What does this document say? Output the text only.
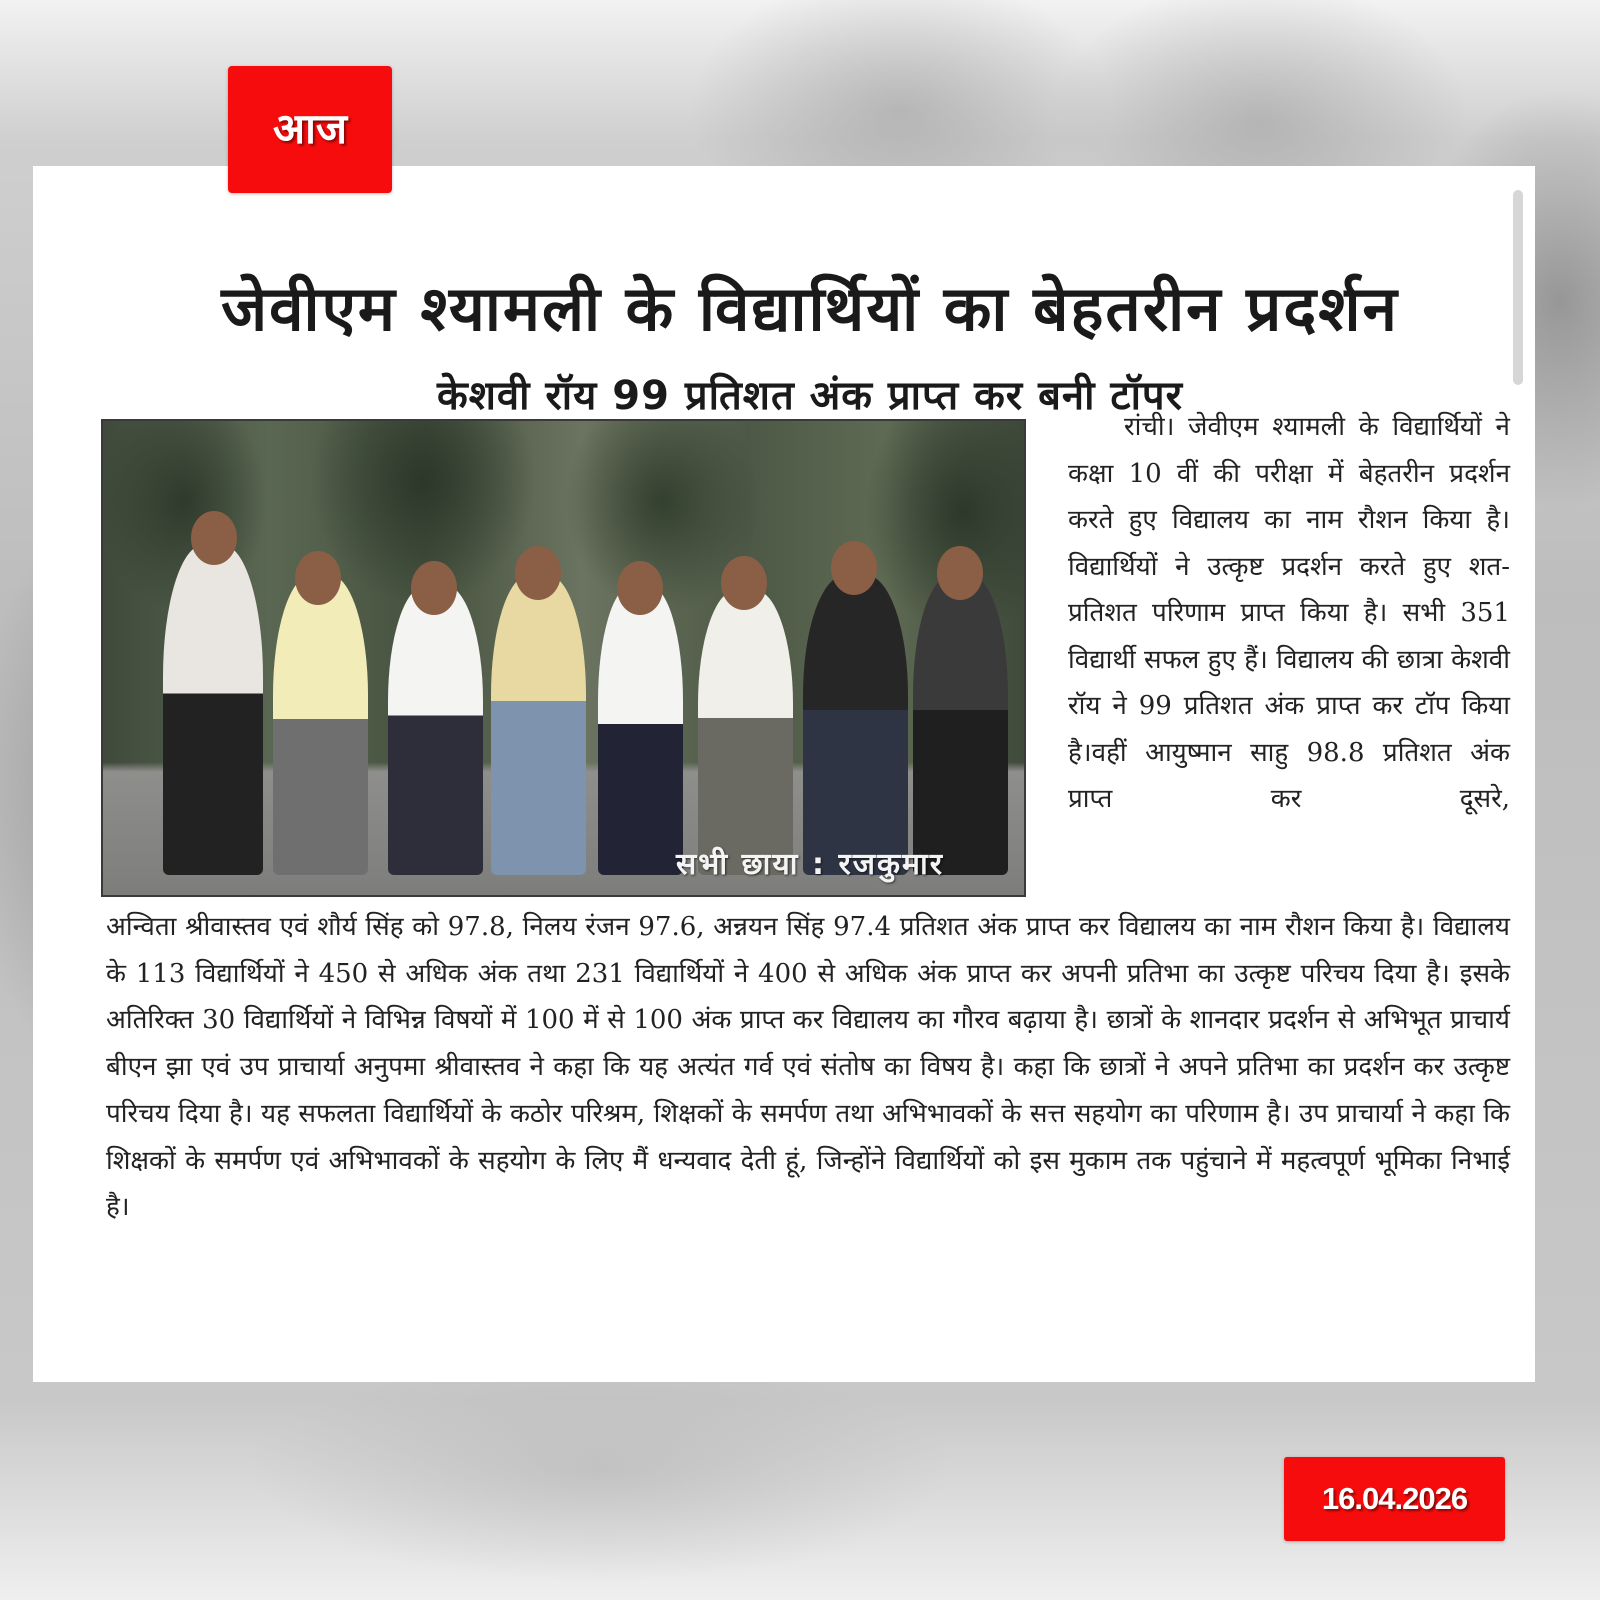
आज
जेवीएम श्यामली के विद्यार्थियों का बेहतरीन प्रदर्शन
केशवी रॉय 99 प्रतिशत अंक प्राप्त कर बनी टॉपर
सभी छाया : रजकुमार

रांची। जेवीएम श्यामली के विद्यार्थियों ने कक्षा 10 वीं की परीक्षा में बेहतरीन प्रदर्शन करते हुए विद्यालय का नाम रौशन किया है। विद्यार्थियों ने उत्कृष्ट प्रदर्शन करते हुए शत-प्रतिशत परिणाम प्राप्त किया है। सभी 351 विद्यार्थी सफल हुए हैं। विद्यालय की छात्रा केशवी रॉय ने 99 प्रतिशत अंक प्राप्त कर टॉप किया है।वहीं आयुष्मान साहु 98.8 प्रतिशत अंक प्राप्त कर दूसरे,

अन्विता श्रीवास्तव एवं शौर्य सिंह को 97.8, निलय रंजन 97.6, अन्नयन सिंह 97.4 प्रतिशत अंक प्राप्त कर विद्यालय का नाम रौशन किया है। विद्यालय के 113 विद्यार्थियों ने 450 से अधिक अंक तथा 231 विद्यार्थियों ने 400 से अधिक अंक प्राप्त कर अपनी प्रतिभा का उत्कृष्ट परिचय दिया है। इसके अतिरिक्त 30 विद्यार्थियों ने विभिन्न विषयों में 100 में से 100 अंक प्राप्त कर विद्यालय का गौरव बढ़ाया है। छात्रों के शानदार प्रदर्शन से अभिभूत प्राचार्य बीएन झा एवं उप प्राचार्या अनुपमा श्रीवास्तव ने कहा कि यह अत्यंत गर्व एवं संतोष का विषय है। कहा कि छात्रों ने अपने प्रतिभा का प्रदर्शन कर उत्कृष्ट परिचय दिया है। यह सफलता विद्यार्थियों के कठोर परिश्रम, शिक्षकों के समर्पण तथा अभिभावकों के सत्त सहयोग का परिणाम है। उप प्राचार्या ने कहा कि शिक्षकों के समर्पण एवं अभिभावकों के सहयोग के लिए मैं धन्यवाद देती हूं, जिन्होंने विद्यार्थियों को इस मुकाम तक पहुंचाने में महत्वपूर्ण भूमिका निभाई है।

16.04.2026
